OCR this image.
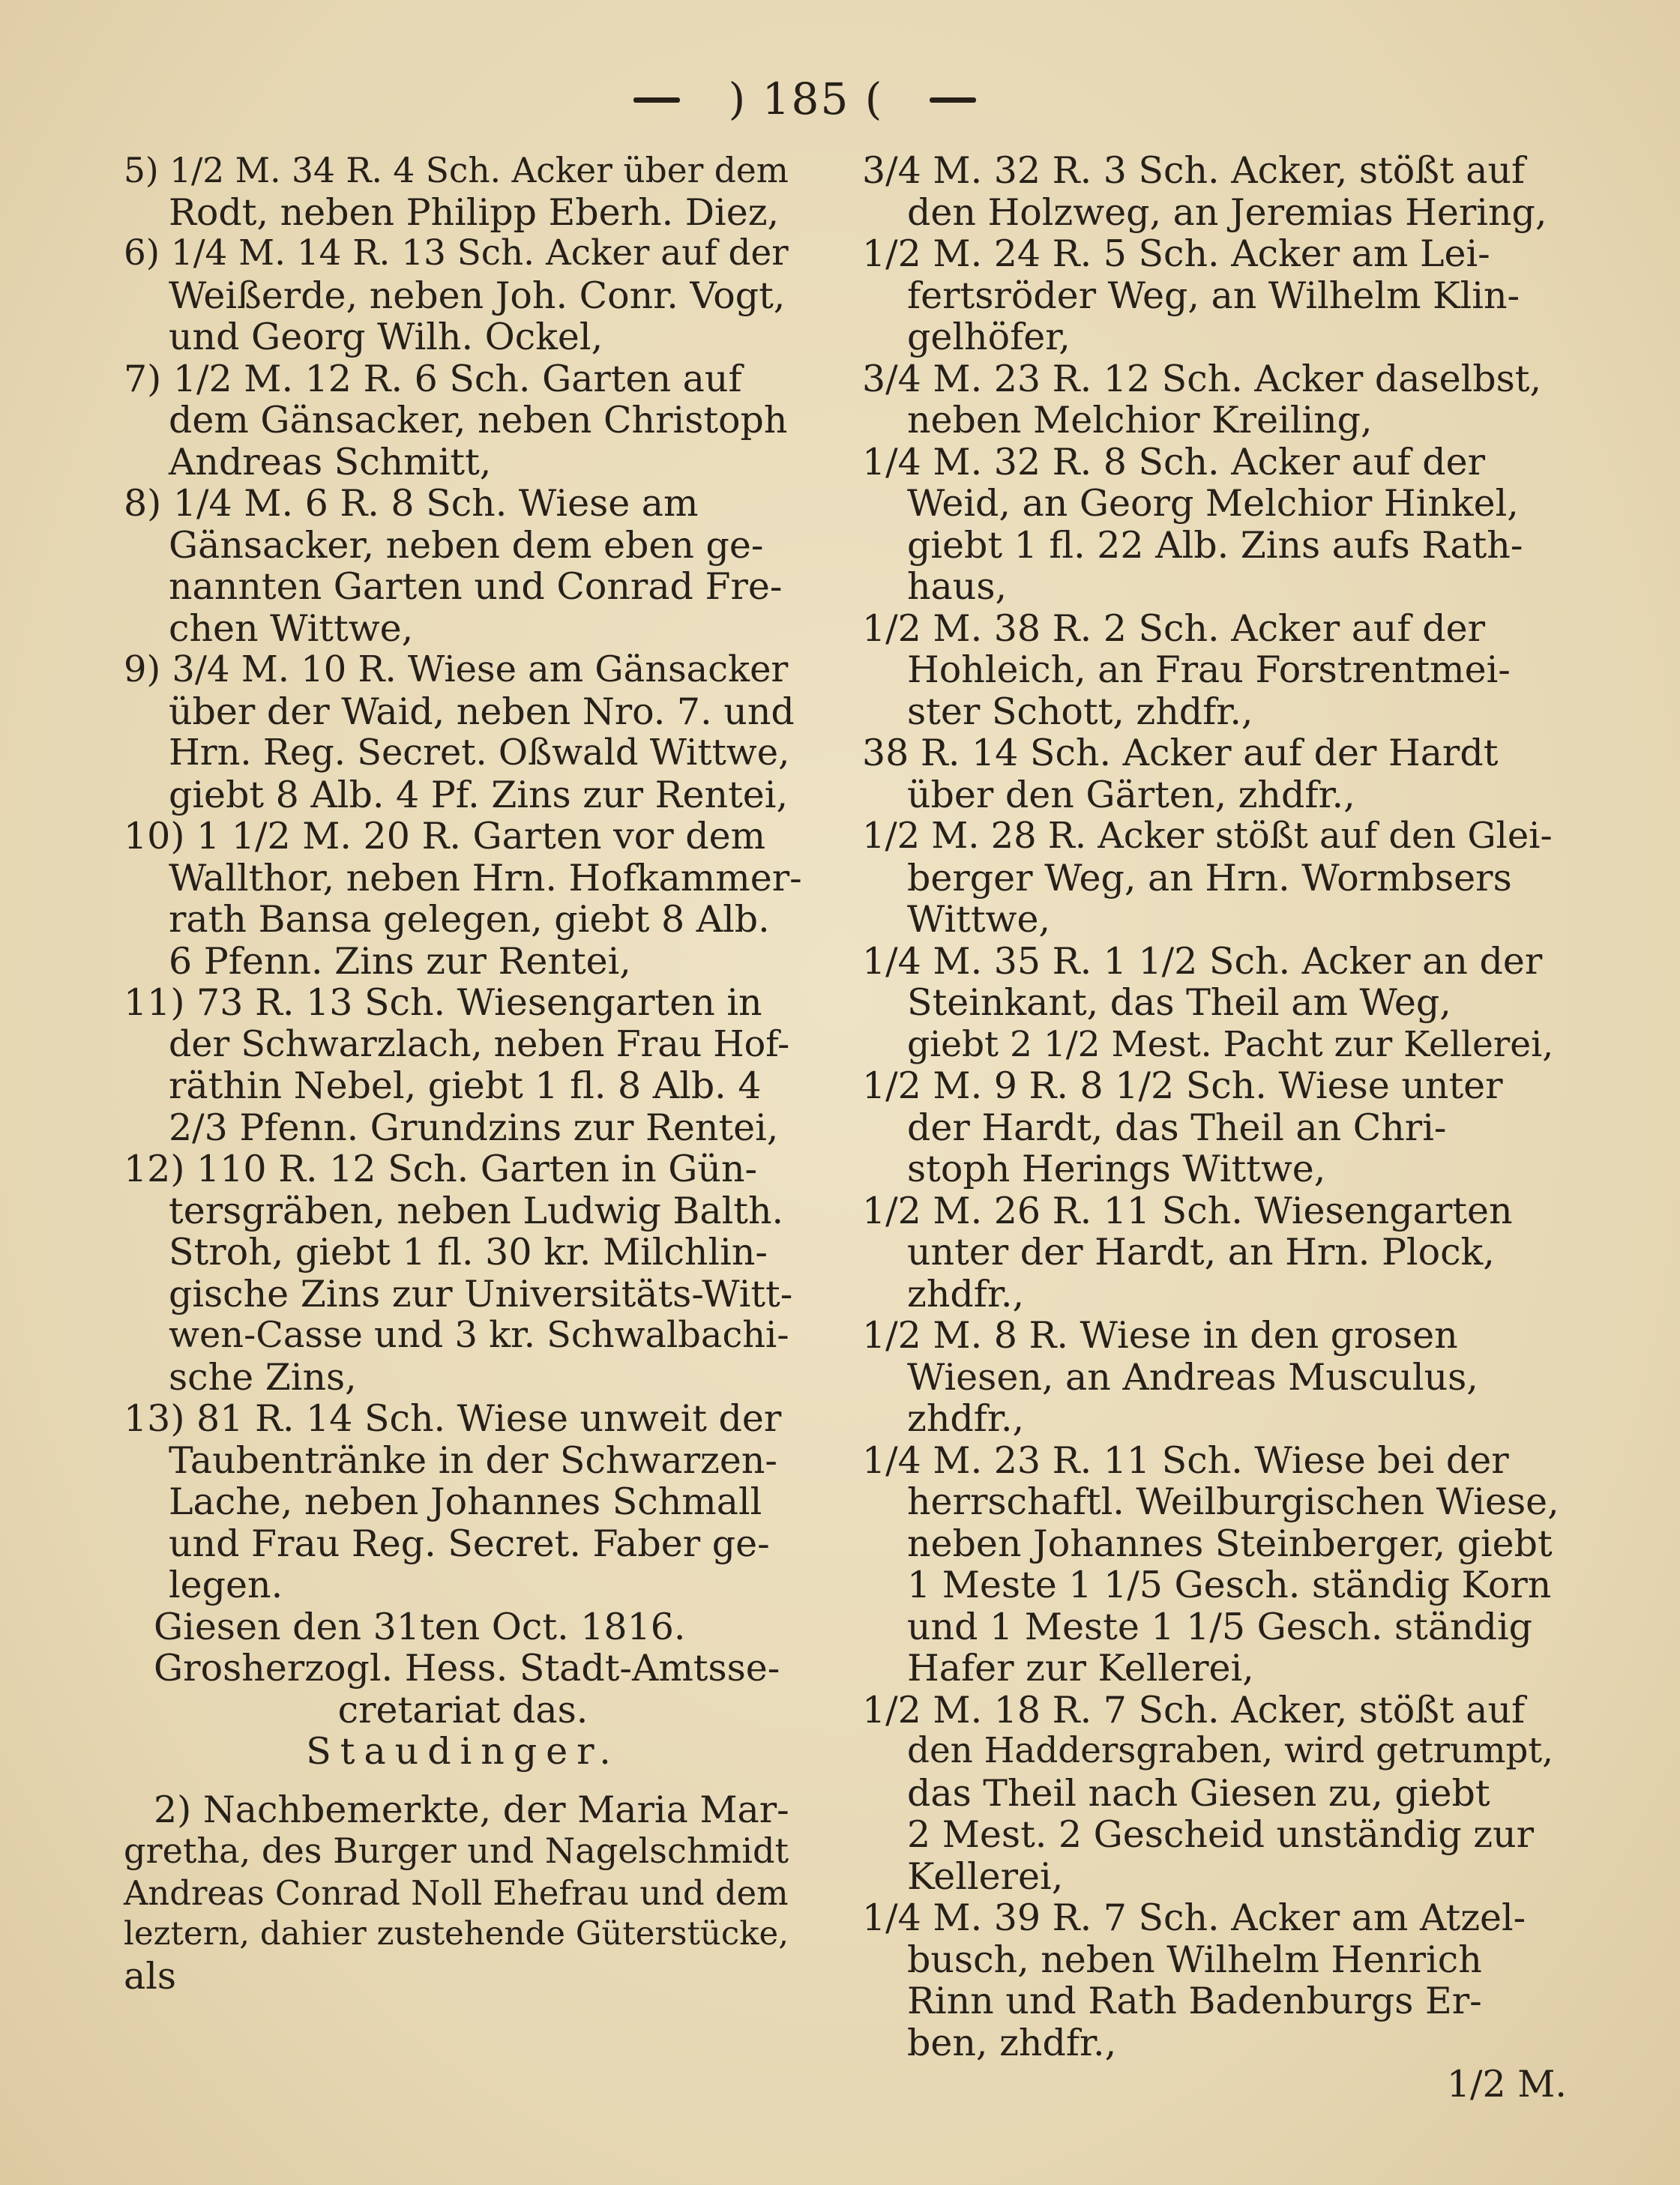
) 185 (
5) 1/2 M. 34 R. 4 Sch. Acker über dem
Rodt, neben Philipp Eberh. Diez,
6) 1/4 M. 14 R. 13 Sch. Acker auf der
Weißerde, neben Joh. Conr. Vogt,
und Georg Wilh. Ockel,
7) 1/2 M. 12 R. 6 Sch. Garten auf
dem Gänsacker, neben Christoph
Andreas Schmitt,
8) 1/4 M. 6 R. 8 Sch. Wiese am
Gänsacker, neben dem eben ge-
nannten Garten und Conrad Fre-
chen Wittwe,
9) 3/4 M. 10 R. Wiese am Gänsacker
über der Waid, neben Nro. 7. und
Hrn. Reg. Secret. Oßwald Wittwe,
giebt 8 Alb. 4 Pf. Zins zur Rentei,
10) 1 1/2 M. 20 R. Garten vor dem
Wallthor, neben Hrn. Hofkammer-
rath Bansa gelegen, giebt 8 Alb.
6 Pfenn. Zins zur Rentei,
11) 73 R. 13 Sch. Wiesengarten in
der Schwarzlach, neben Frau Hof-
räthin Nebel, giebt 1 fl. 8 Alb. 4
2/3 Pfenn. Grundzins zur Rentei,
12) 110 R. 12 Sch. Garten in Gün-
tersgräben, neben Ludwig Balth.
Stroh, giebt 1 fl. 30 kr. Milchlin-
gische Zins zur Universitäts-Witt-
wen-Casse und 3 kr. Schwalbachi-
sche Zins,
13) 81 R. 14 Sch. Wiese unweit der
Taubentränke in der Schwarzen-
Lache, neben Johannes Schmall
und Frau Reg. Secret. Faber ge-
legen.
Giesen den 31ten Oct. 1816.
Grosherzogl. Hess. Stadt-Amtsse-
cretariat das.
Staudinger.
2) Nachbemerkte, der Maria Mar-
gretha, des Burger und Nagelschmidt
Andreas Conrad Noll Ehefrau und dem
leztern, dahier zustehende Güterstücke,
als
3/4 M. 32 R. 3 Sch. Acker, stößt auf
den Holzweg, an Jeremias Hering,
1/2 M. 24 R. 5 Sch. Acker am Lei-
fertsröder Weg, an Wilhelm Klin-
gelhöfer,
3/4 M. 23 R. 12 Sch. Acker daselbst,
neben Melchior Kreiling,
1/4 M. 32 R. 8 Sch. Acker auf der
Weid, an Georg Melchior Hinkel,
giebt 1 fl. 22 Alb. Zins aufs Rath-
haus,
1/2 M. 38 R. 2 Sch. Acker auf der
Hohleich, an Frau Forstrentmei-
ster Schott, zhdfr.,
38 R. 14 Sch. Acker auf der Hardt
über den Gärten, zhdfr.,
1/2 M. 28 R. Acker stößt auf den Glei-
berger Weg, an Hrn. Wormbsers
Wittwe,
1/4 M. 35 R. 1 1/2 Sch. Acker an der
Steinkant, das Theil am Weg,
giebt 2 1/2 Mest. Pacht zur Kellerei,
1/2 M. 9 R. 8 1/2 Sch. Wiese unter
der Hardt, das Theil an Chri-
stoph Herings Wittwe,
1/2 M. 26 R. 11 Sch. Wiesengarten
unter der Hardt, an Hrn. Plock,
zhdfr.,
1/2 M. 8 R. Wiese in den grosen
Wiesen, an Andreas Musculus,
zhdfr.,
1/4 M. 23 R. 11 Sch. Wiese bei der
herrschaftl. Weilburgischen Wiese,
neben Johannes Steinberger, giebt
1 Meste 1 1/5 Gesch. ständig Korn
und 1 Meste 1 1/5 Gesch. ständig
Hafer zur Kellerei,
1/2 M. 18 R. 7 Sch. Acker, stößt auf
den Haddersgraben, wird getrumpt,
das Theil nach Giesen zu, giebt
2 Mest. 2 Gescheid unständig zur
Kellerei,
1/4 M. 39 R. 7 Sch. Acker am Atzel-
busch, neben Wilhelm Henrich
Rinn und Rath Badenburgs Er-
ben, zhdfr.,
1/2 M.
